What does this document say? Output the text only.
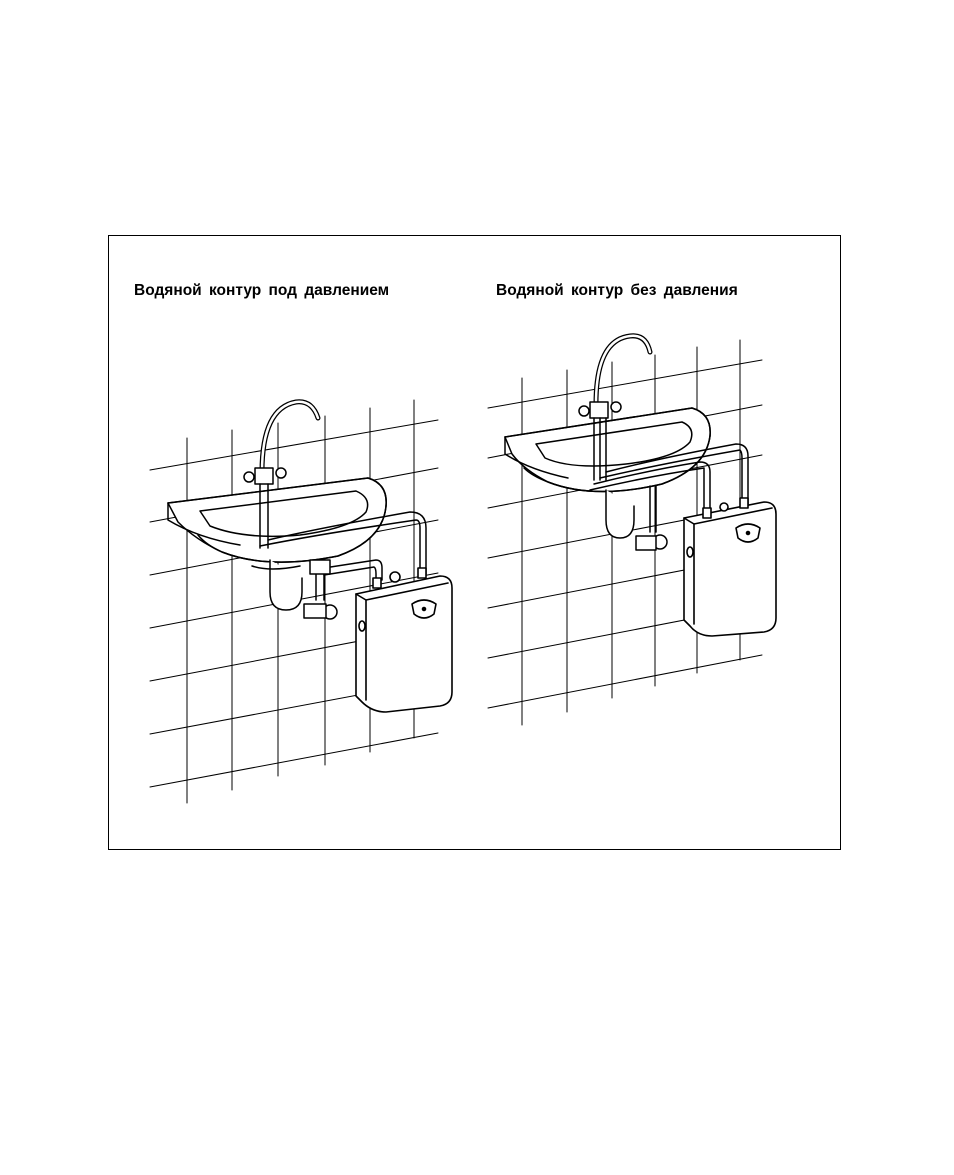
Водяной контур под давлением	Водяной контур без давления
